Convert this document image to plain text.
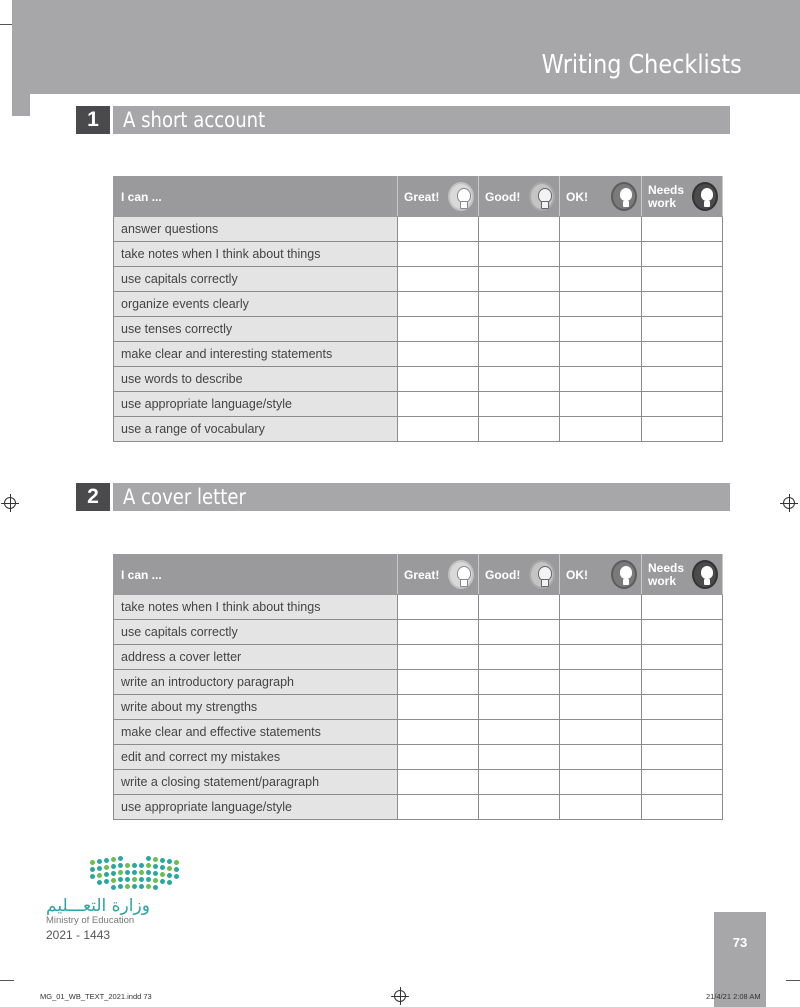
Writing Checklists
1	A short account
I can ...	Great!	Good!	OK!	Needs work

answer questions				
take notes when I think about things				
use capitals correctly				
organize events clearly				
use tenses correctly				
make clear and interesting statements				
use words to describe				
use appropriate language/style				
use a range of vocabulary				
2	A cover letter
I can ...	Great!	Good!	OK!	Needs work

take notes when I think about things				
use capitals correctly				
address a cover letter				
write an introductory paragraph				
write about my strengths				
make clear and effective statements				
edit and correct my mistakes				
write a closing statement/paragraph				
use appropriate language/style				
وزارة التعـــليم
Ministry of Education
2021 - 1443	73
MG_01_WB_TEXT_2021.indd 73	21/4/21 2:08 AM
